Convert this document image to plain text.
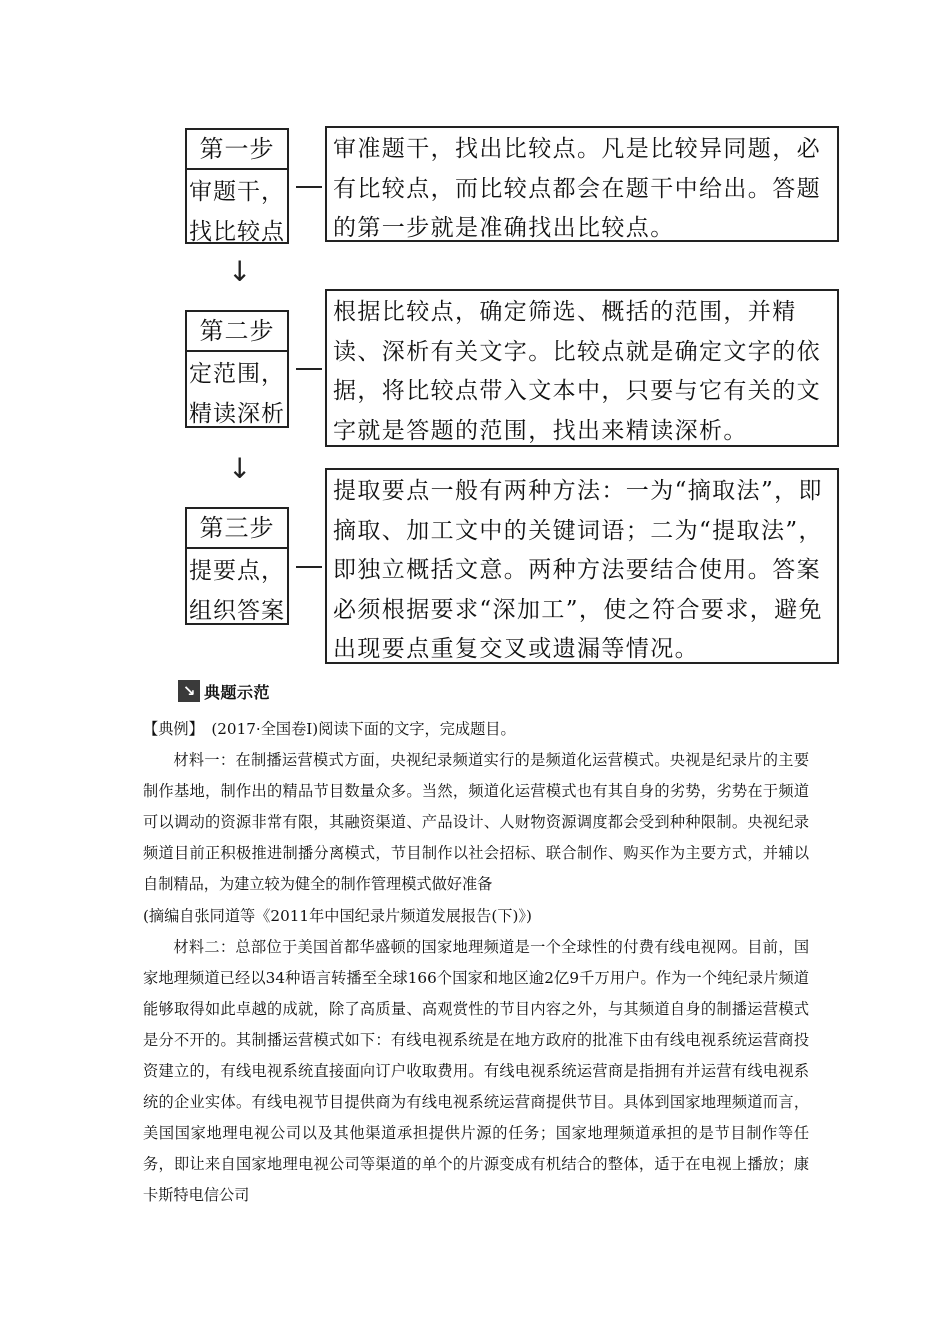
第一步
审题干，
找比较点
审准题干，找出比较点。凡是比较异同题，必有比较点，而比较点都会在题干中给出。答题的第一步就是准确找出比较点。
↓
第二步
定范围，
精读深析
根据比较点，确定筛选、概括的范围，并精读、深析有关文字。比较点就是确定文字的依据，将比较点带入文本中，只要与它有关的文字就是答题的范围，找出来精读深析。
↓
第三步
提要点，
组织答案
提取要点一般有两种方法：一为“摘取法”，即摘取、加工文中的关键词语；二为“提取法”，即独立概括文意。两种方法要结合使用。答案必须根据要求“深加工”，使之符合要求，避免出现要点重复交叉或遗漏等情况。
↘ 典题示范

【典例】　(2017·全国卷Ⅰ)阅读下面的文字，完成题目。

材料一：在制播运营模式方面，央视纪录频道实行的是频道化运营模式。央视是纪录片的主要制作基地，制作出的精品节目数量众多。当然，频道化运营模式也有其自身的劣势，劣势在于频道可以调动的资源非常有限，其融资渠道、产品设计、人财物资源调度都会受到种种限制。央视纪录频道目前正积极推进制播分离模式，节目制作以社会招标、联合制作、购买作为主要方式，并辅以自制精品，为建立较为健全的制作管理模式做好准备

(摘编自张同道等《2011年中国纪录片频道发展报告(下)》)

材料二：总部位于美国首都华盛顿的国家地理频道是一个全球性的付费有线电视网。目前，国家地理频道已经以34种语言转播至全球166个国家和地区逾2亿9千万用户。作为一个纯纪录片频道能够取得如此卓越的成就，除了高质量、高观赏性的节目内容之外，与其频道自身的制播运营模式是分不开的。其制播运营模式如下：有线电视系统是在地方政府的批准下由有线电视系统运营商投资建立的，有线电视系统直接面向订户收取费用。有线电视系统运营商是指拥有并运营有线电视系统的企业实体。有线电视节目提供商为有线电视系统运营商提供节目。具体到国家地理频道而言，美国国家地理电视公司以及其他渠道承担提供片源的任务；国家地理频道承担的是节目制作等任务，即让来自国家地理电视公司等渠道的单个的片源变成有机结合的整体，适于在电视上播放；康卡斯特电信公司
